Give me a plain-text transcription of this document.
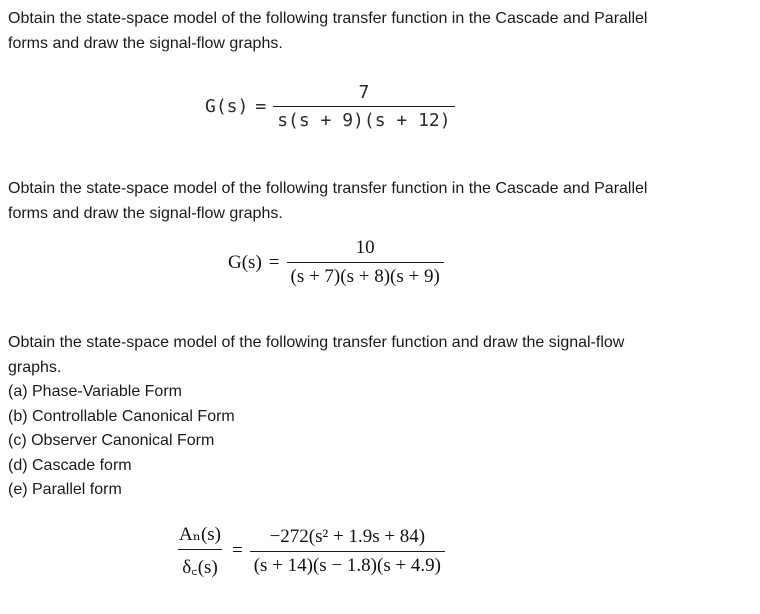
Obtain the state-space model of the following transfer function in the Cascade and Parallel
forms and draw the signal-flow graphs.
$G(s) = \frac{7}{s(s + 9)(s + 12)}$
Obtain the state-space model of the following transfer function in the Cascade and Parallel
forms and draw the signal-flow graphs.
$G(s) = \frac{10}{(s + 7)(s + 8)(s + 9)}$
Obtain the state-space model of the following transfer function and draw the signal-flow
graphs.
(a) Phase-Variable Form
(b) Controllable Canonical Form
(c) Observer Canonical Form
(d) Cascade form
(e) Parallel form
$\frac{\text{Aₙ(s)}}{\delta꜀(s)} = \frac{\text{−272(s² + 1.9s + 84)}}{(s + 14)(s - 1.8)(s + 4.9)}$
